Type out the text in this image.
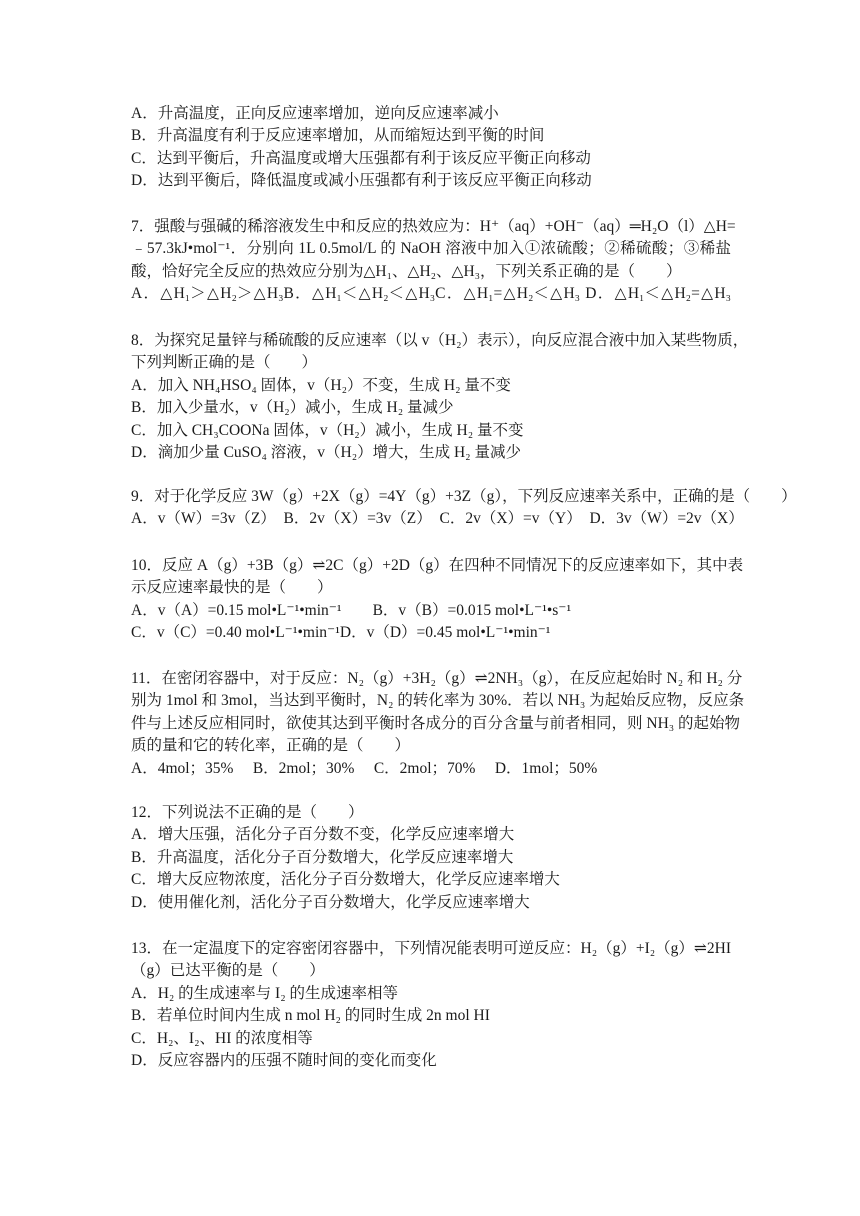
A．升高温度，正向反应速率增加，逆向反应速率减小
B．升高温度有利于反应速率增加，从而缩短达到平衡的时间
C．达到平衡后，升高温度或增大压强都有利于该反应平衡正向移动
D．达到平衡后，降低温度或减小压强都有利于该反应平衡正向移动
7．强酸与强碱的稀溶液发生中和反应的热效应为：H⁺（aq）+OH⁻（aq）═H₂O（l）△H=
﹣57.3kJ•mol⁻¹．分别向 1L 0.5mol/L 的 NaOH 溶液中加入①浓硫酸；②稀硫酸；③稀盐
酸，恰好完全反应的热效应分别为△H₁、△H₂、△H₃，下列关系正确的是（　　）
A．△H₁＞△H₂＞△H₃B．△H₁＜△H₂＜△H₃C．△H₁=△H₂＜△H₃ D．△H₁＜△H₂=△H₃
8．为探究足量锌与稀硫酸的反应速率（以 v（H₂）表示），向反应混合液中加入某些物质，
下列判断正确的是（　　）
A．加入 NH₄HSO₄ 固体，v（H₂）不变，生成 H₂ 量不变
B．加入少量水，v（H₂）减小，生成 H₂ 量减少
C．加入 CH₃COONa 固体，v（H₂）减小，生成 H₂ 量不变
D．滴加少量 CuSO₄ 溶液，v（H₂）增大，生成 H₂ 量减少
9．对于化学反应 3W（g）+2X（g）=4Y（g）+3Z（g），下列反应速率关系中，正确的是（　　）
A．v（W）=3v（Z）　B．2v（X）=3v（Z）　C．2v（X）=v（Y）　D．3v（W）=2v（X）
10．反应 A（g）+3B（g）⇌2C（g）+2D（g）在四种不同情况下的反应速率如下，其中表
示反应速率最快的是（　　）
A．v（A）=0.15 mol•L⁻¹•min⁻¹　　B．v（B）=0.015 mol•L⁻¹•s⁻¹
C．v（C）=0.40 mol•L⁻¹•min⁻¹D．v（D）=0.45 mol•L⁻¹•min⁻¹
11．在密闭容器中，对于反应：N₂（g）+3H₂（g）⇌2NH₃（g），在反应起始时 N₂ 和 H₂ 分
别为 1mol 和 3mol，当达到平衡时，N₂ 的转化率为 30%．若以 NH₃ 为起始反应物，反应条
件与上述反应相同时，欲使其达到平衡时各成分的百分含量与前者相同，则 NH₃ 的起始物
质的量和它的转化率，正确的是（　　）
A．4mol；35%　 B．2mol；30%　 C．2mol；70%　 D．1mol；50%
12．下列说法不正确的是（　　）
A．增大压强，活化分子百分数不变，化学反应速率增大
B．升高温度，活化分子百分数增大，化学反应速率增大
C．增大反应物浓度，活化分子百分数增大，化学反应速率增大
D．使用催化剂，活化分子百分数增大，化学反应速率增大
13．在一定温度下的定容密闭容器中，下列情况能表明可逆反应：H₂（g）+I₂（g）⇌2HI
（g）已达平衡的是（　　）
A．H₂ 的生成速率与 I₂ 的生成速率相等
B．若单位时间内生成 n mol H₂ 的同时生成 2n mol HI
C．H₂、I₂、HI 的浓度相等
D．反应容器内的压强不随时间的变化而变化
